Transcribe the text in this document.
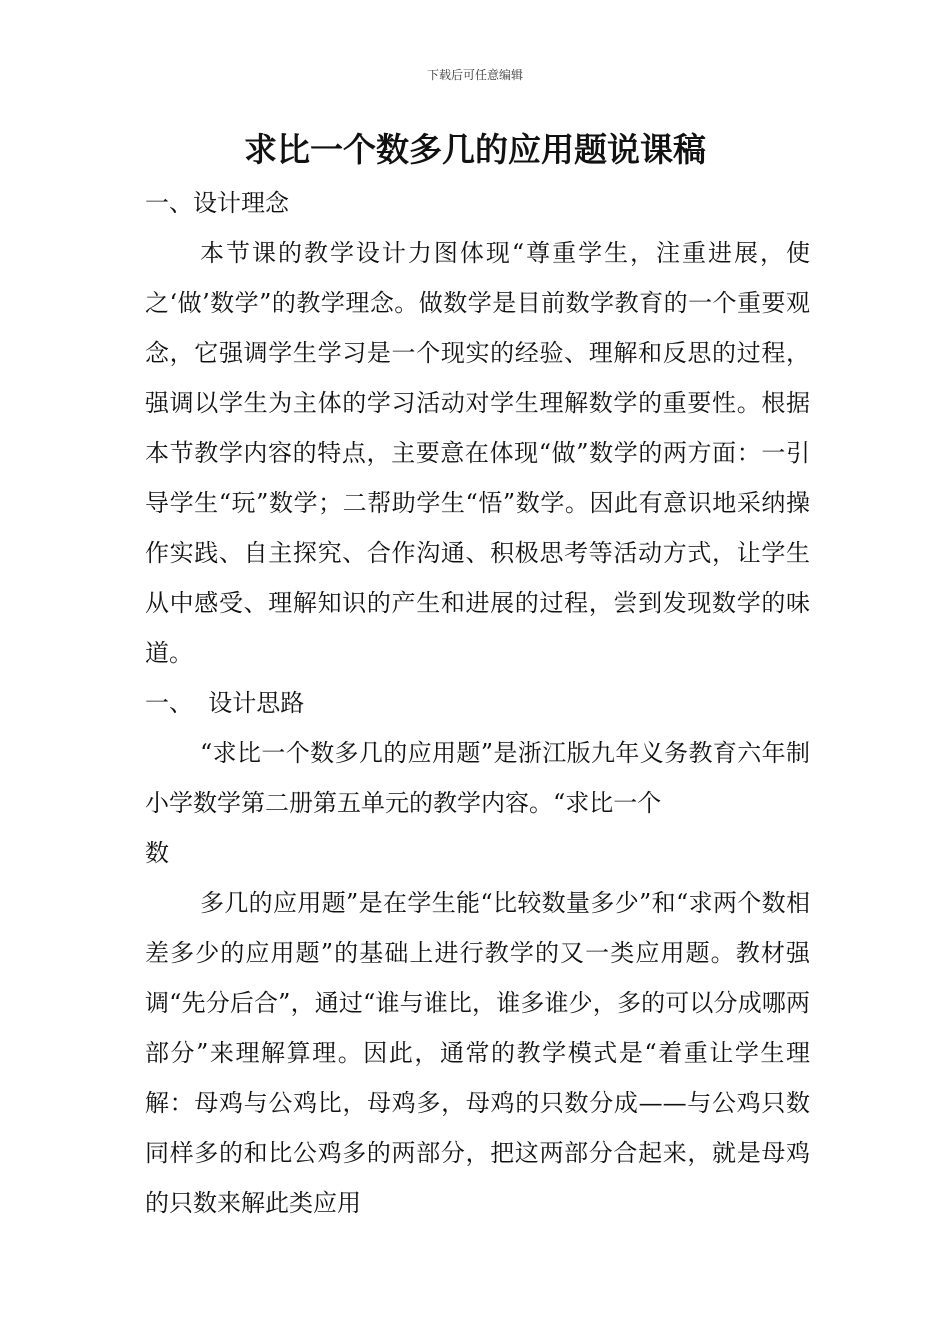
下载后可任意编辑
求比一个数多几的应用题说课稿

一、设计理念

本节课的教学设计力图体现“尊重学生，注重进展，使之‘做’数学”的教学理念。做数学是目前数学教育的一个重要观念，它强调学生学习是一个现实的经验、理解和反思的过程，强调以学生为主体的学习活动对学生理解数学的重要性。根据本节教学内容的特点，主要意在体现“做”数学的两方面：一引导学生“玩”数学；二帮助学生“悟”数学。因此有意识地采纳操作实践、自主探究、合作沟通、积极思考等活动方式，让学生从中感受、理解知识的产生和进展的过程，尝到发现数学的味道。

一、 设计思路

“求比一个数多几的应用题”是浙江版九年义务教育六年制小学数学第二册第五单元的教学内容。“求比一个

数

多几的应用题”是在学生能“比较数量多少”和“求两个数相差多少的应用题”的基础上进行教学的又一类应用题。教材强调“先分后合”，通过“谁与谁比，谁多谁少，多的可以分成哪两部分”来理解算理。因此，通常的教学模式是“着重让学生理解：母鸡与公鸡比，母鸡多，母鸡的只数分成——与公鸡只数同样多的和比公鸡多的两部分，把这两部分合起来，就是母鸡的只数来解此类应用
